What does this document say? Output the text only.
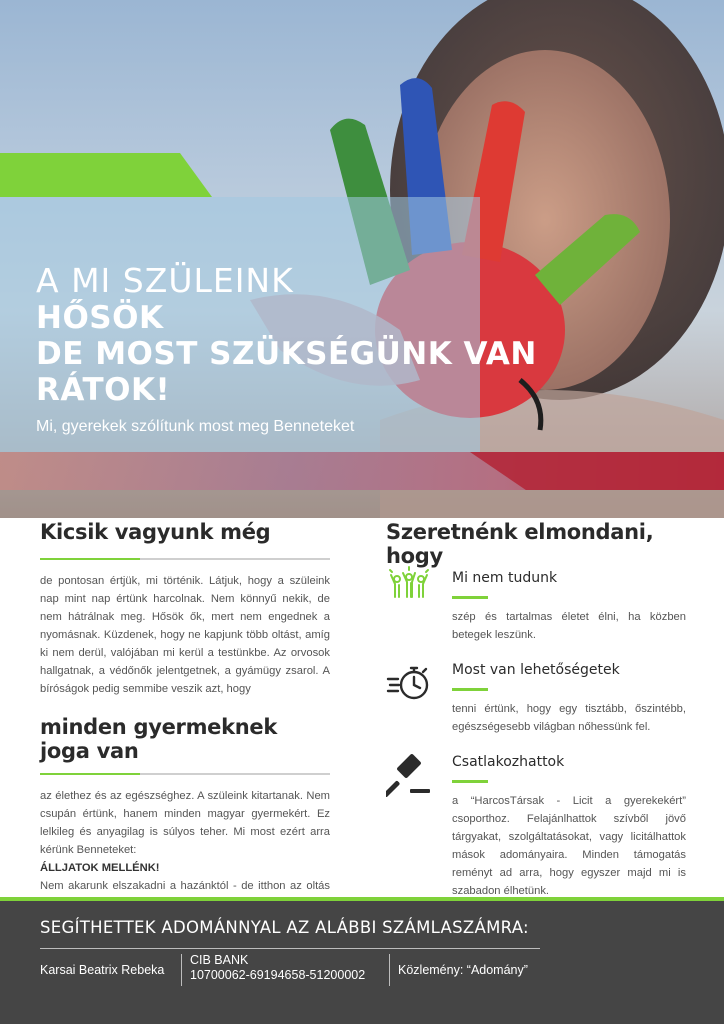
A MI SZÜLEINK
HŐSÖK
DE MOST SZÜKSÉGÜNK VAN RÁTOK!
Mi, gyerekek szólítunk most meg Benneteket
Kicsik vagyunk még
de pontosan értjük, mi történik. Látjuk, hogy a szüleink nap mint nap értünk harcolnak. Nem könnyű nekik, de nem hátrálnak meg. Hősök ők, mert nem engednek a nyomásnak. Küzdenek, hogy ne kapjunk több oltást, amíg ki nem derül, valójában mi kerül a testünkbe. Az orvosok hallgatnak, a védőnők jelentgetnek, a gyámügy zsarol. A bíróságok pedig semmibe veszik azt, hogy
minden gyermeknek joga van
az élethez és az egészséghez. A szüleink kitartanak. Nem csupán értünk, hanem minden magyar gyermekért. Ez lelkileg és anyagilag is súlyos teher. Mi most ezért arra kérünk Benneteket:
ÁLLJATOK MELLÉNK!
Nem akarunk elszakadni a hazánktól - de itthon az oltás
Szeretnénk elmondani, hogy
Mi nem tudunk
szép és tartalmas életet élni, ha közben betegek leszünk.
Most van lehetőségetek
tenni értünk, hogy egy tisztább, őszintébb, egészségesebb világban nőhessünk fel.
Csatlakozhattok
a “HarcosTársak - Licit a gyerekekért” csoporthoz. Felajánlhattok szívből jövő tárgyakat, szolgáltatásokat, vagy licitálhattok mások adományaira. Minden támogatás reményt ad arra, hogy egyszer majd mi is szabadon élhetünk.
SEGÍTHETTEK ADOMÁNNYAL AZ ALÁBBI SZÁMLASZÁMRA:
Karsai Beatrix Rebeka
CIB BANK
10700062-69194658-51200002	Közlemény: “Adomány”
